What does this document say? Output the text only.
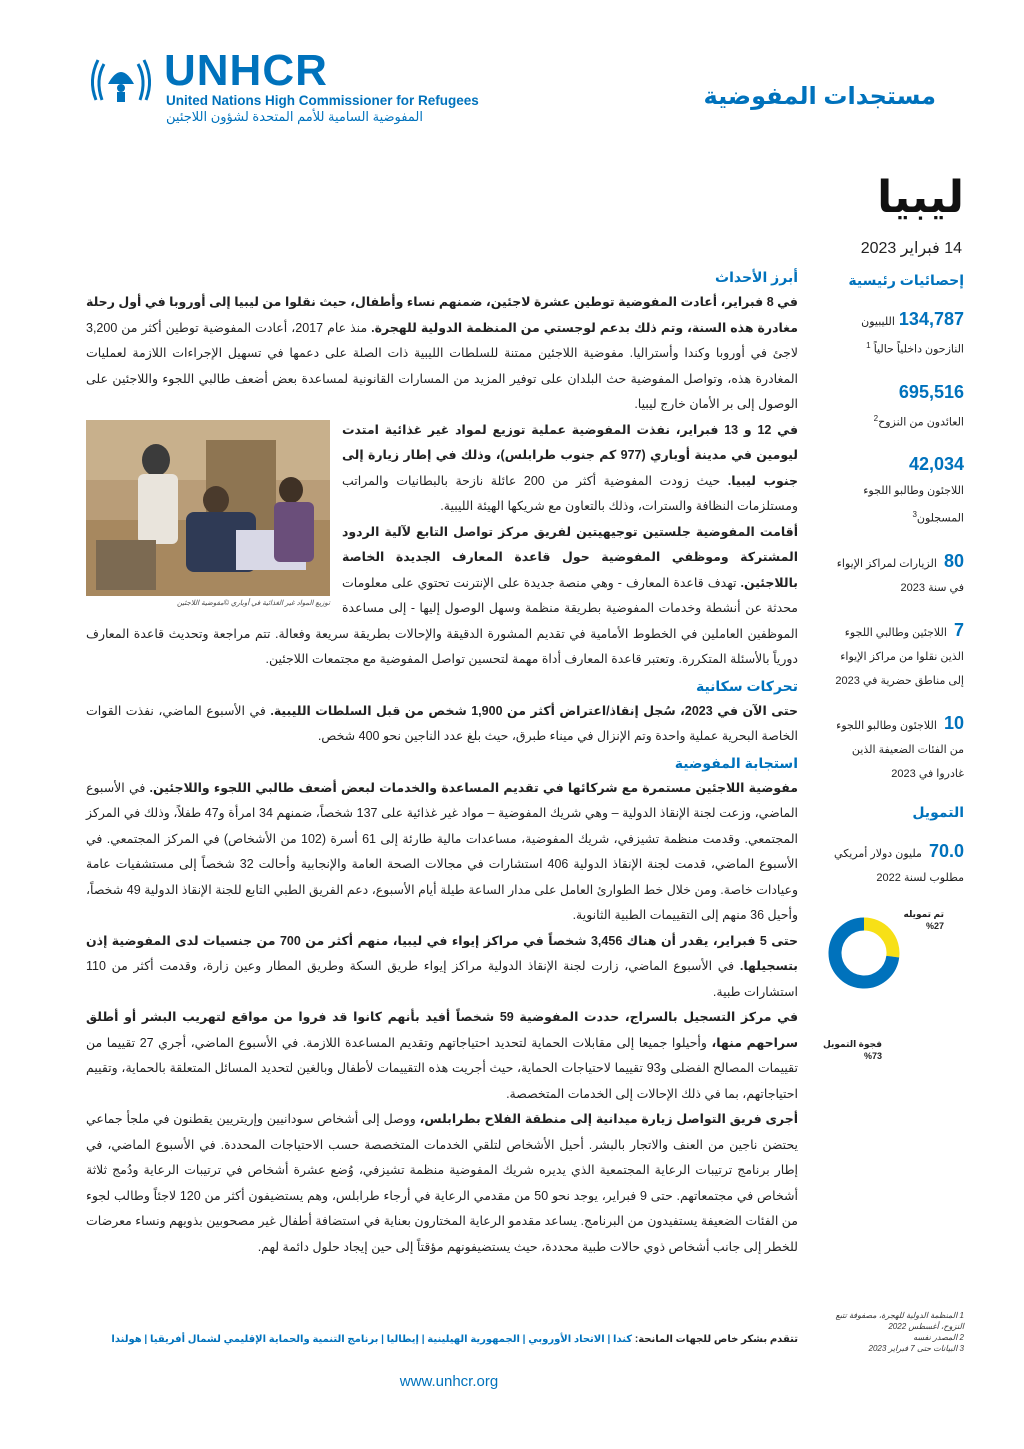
UNHCR
United Nations High Commissioner for Refugees
المفوضية السامية للأمم المتحدة لشؤون اللاجئين
مستجدات المفوضية
ليبيا
14 فبراير 2023
إحصائيات رئيسية
134,787الليبيون
النازحون داخلياً حالياً $^1$
695,516
العائدون من النزوح$^2$
42,034
اللاجئون وطالبو اللجوء المسجلون$^3$
80 الزيارات لمراكز الإيواء في سنة 2023
7 اللاجئين وطالبي اللجوء الذين نقلوا من مراكز الإيواء إلى مناطق حضرية في 2023
10 اللاجئون وطالبو اللجوء من الفئات الضعيفة الذين غادروا في 2023
التمويل
70.0 مليون دولار أمريكي
مطلوب لسنة 2022
تم تمويله
%27
فجوة التمويل
%73
1 المنظمة الدولية للهجرة، مصفوفة تتبع النزوح، أغسطس 2022
2 المصدر نفسه
3 البيانات حتى 7 فبراير 2023
أبرز الأحداث

في 8 فبراير، أعادت المفوضية توطين عشرة لاجئين، ضمنهم نساء وأطفال، حيث نقلوا من ليبيا إلى أوروبا في أول رحلة مغادرة هذه السنة، وتم ذلك بدعم لوجستي من المنظمة الدولية للهجرة. منذ عام 2017، أعادت المفوضية توطين أكثر من 3,200 لاجئ في أوروبا وكندا وأستراليا. مفوضية اللاجئين ممتنة للسلطات الليبية ذات الصلة على دعمها في تسهيل الإجراءات اللازمة لعمليات المغادرة هذه، وتواصل المفوضية حث البلدان على توفير المزيد من المسارات القانونية لمساعدة بعض أضعف طالبي اللجوء واللاجئين على الوصول إلى بر الأمان خارج ليبيا.

توزيع المواد غير الغذائية في أوباري ©مفوضية اللاجئين

في 12 و 13 فبراير، نفذت المفوضية عملية توزيع لمواد غير غذائية امتدت ليومين في مدينة أوباري (977 كم جنوب طرابلس)، وذلك في إطار زيارة إلى جنوب ليبيا. حيث زودت المفوضية أكثر من 200 عائلة نازحة بالبطانيات والمراتب ومستلزمات النظافة والسترات، وذلك بالتعاون مع شريكها الهيئة الليبية.

أقامت المفوضية جلستين توجيهيتين لفريق مركز تواصل التابع لآلية الردود المشتركة وموظفي المفوضية حول قاعدة المعارف الجديدة الخاصة باللاجئين. تهدف قاعدة المعارف - وهي منصة جديدة على الإنترنت تحتوي على معلومات محدثة عن أنشطة وخدمات المفوضية بطريقة منظمة وسهل الوصول إليها - إلى مساعدة الموظفين العاملين في الخطوط الأمامية في تقديم المشورة الدقيقة والإحالات بطريقة سريعة وفعالة. تتم مراجعة وتحديث قاعدة المعارف دورياً بالأسئلة المتكررة. وتعتبر قاعدة المعارف أداة مهمة لتحسين تواصل المفوضية مع مجتمعات اللاجئين.

تحركات سكانية

حتى الآن في 2023، سُجل إنقاذ/اعتراض أكثر من 1,900 شخص من قبل السلطات الليبية. في الأسبوع الماضي، نفذت القوات الخاصة البحرية عملية واحدة وتم الإنزال في ميناء طبرق، حيث بلغ عدد الناجين نحو 400 شخص.

استجابة المفوضية

مفوضية اللاجئين مستمرة مع شركائها في تقديم المساعدة والخدمات لبعض أضعف طالبي اللجوء واللاجئين. في الأسبوع الماضي، وزعت لجنة الإنقاذ الدولية – وهي شريك المفوضية – مواد غير غذائية على 137 شخصاً، ضمنهم 34 امرأة و47 طفلاً، وذلك في المركز المجتمعي. وقدمت منظمة تشيزفي، شريك المفوضية، مساعدات مالية طارئة إلى 61 أسرة (102 من الأشخاص) في المركز المجتمعي. في الأسبوع الماضي، قدمت لجنة الإنقاذ الدولية 406 استشارات في مجالات الصحة العامة والإنجابية وأحالت 32 شخصاً إلى مستشفيات عامة وعيادات خاصة. ومن خلال خط الطوارئ العامل على مدار الساعة طيلة أيام الأسبوع، دعم الفريق الطبي التابع للجنة الإنقاذ الدولية 49 شخصاً، وأحيل 36 منهم إلى التقييمات الطبية الثانوية.

حتى 5 فبراير، يقدر أن هناك 3,456 شخصاً في مراكز إيواء في ليبيا، منهم أكثر من 700 من جنسيات لدى المفوضية إذن بتسجيلها. في الأسبوع الماضي، زارت لجنة الإنقاذ الدولية مراكز إيواء طريق السكة وطريق المطار وعين زارة، وقدمت أكثر من 110 استشارات طبية.

في مركز التسجيل بالسراج، حددت المفوضية 59 شخصاً أفيد بأنهم كانوا قد فروا من مواقع لتهريب البشر أو أطلق سراحهم منها، وأحيلوا جميعا إلى مقابلات الحماية لتحديد احتياجاتهم وتقديم المساعدة اللازمة. في الأسبوع الماضي، أجري 27 تقييما من تقييمات المصالح الفضلى و93 تقييما لاحتياجات الحماية، حيث أجريت هذه التقييمات لأطفال وبالغين لتحديد المسائل المتعلقة بالحماية، وتقييم احتياجاتهم، بما في ذلك الإحالات إلى الخدمات المتخصصة.

أجرى فريق التواصل زيارة ميدانية إلى منطقة الفلاح بطرابلس، ووصل إلى أشخاص سودانيين وإريتريين يقطنون في ملجأ جماعي يحتضن ناجين من العنف والاتجار بالبشر. أحيل الأشخاص لتلقي الخدمات المتخصصة حسب الاحتياجات المحددة. في الأسبوع الماضي، في إطار برنامج ترتيبات الرعاية المجتمعية الذي يديره شريك المفوضية منظمة تشيزفي، وُضع عشرة أشخاص في ترتيبات الرعاية ودُمج ثلاثة أشخاص في مجتمعاتهم. حتى 9 فبراير، يوجد نحو 50 من مقدمي الرعاية في أرجاء طرابلس، وهم يستضيفون أكثر من 120 لاجئاً وطالب لجوء من الفئات الضعيفة يستفيدون من البرنامج. يساعد مقدمو الرعاية المختارون بعناية في استضافة أطفال غير مصحوبين بذويهم ونساء معرضات للخطر إلى جانب أشخاص ذوي حالات طبية محددة، حيث يستضيفونهم مؤقتاً إلى حين إيجاد حلول دائمة لهم.

تتقدم بشكر خاص للجهات المانحة: كندا | الاتحاد الأوروبي | الجمهورية الهيلينية | إيطاليا | برنامج التنمية والحماية الإقليمي لشمال أفريقيا | هولندا
www.unhcr.org
